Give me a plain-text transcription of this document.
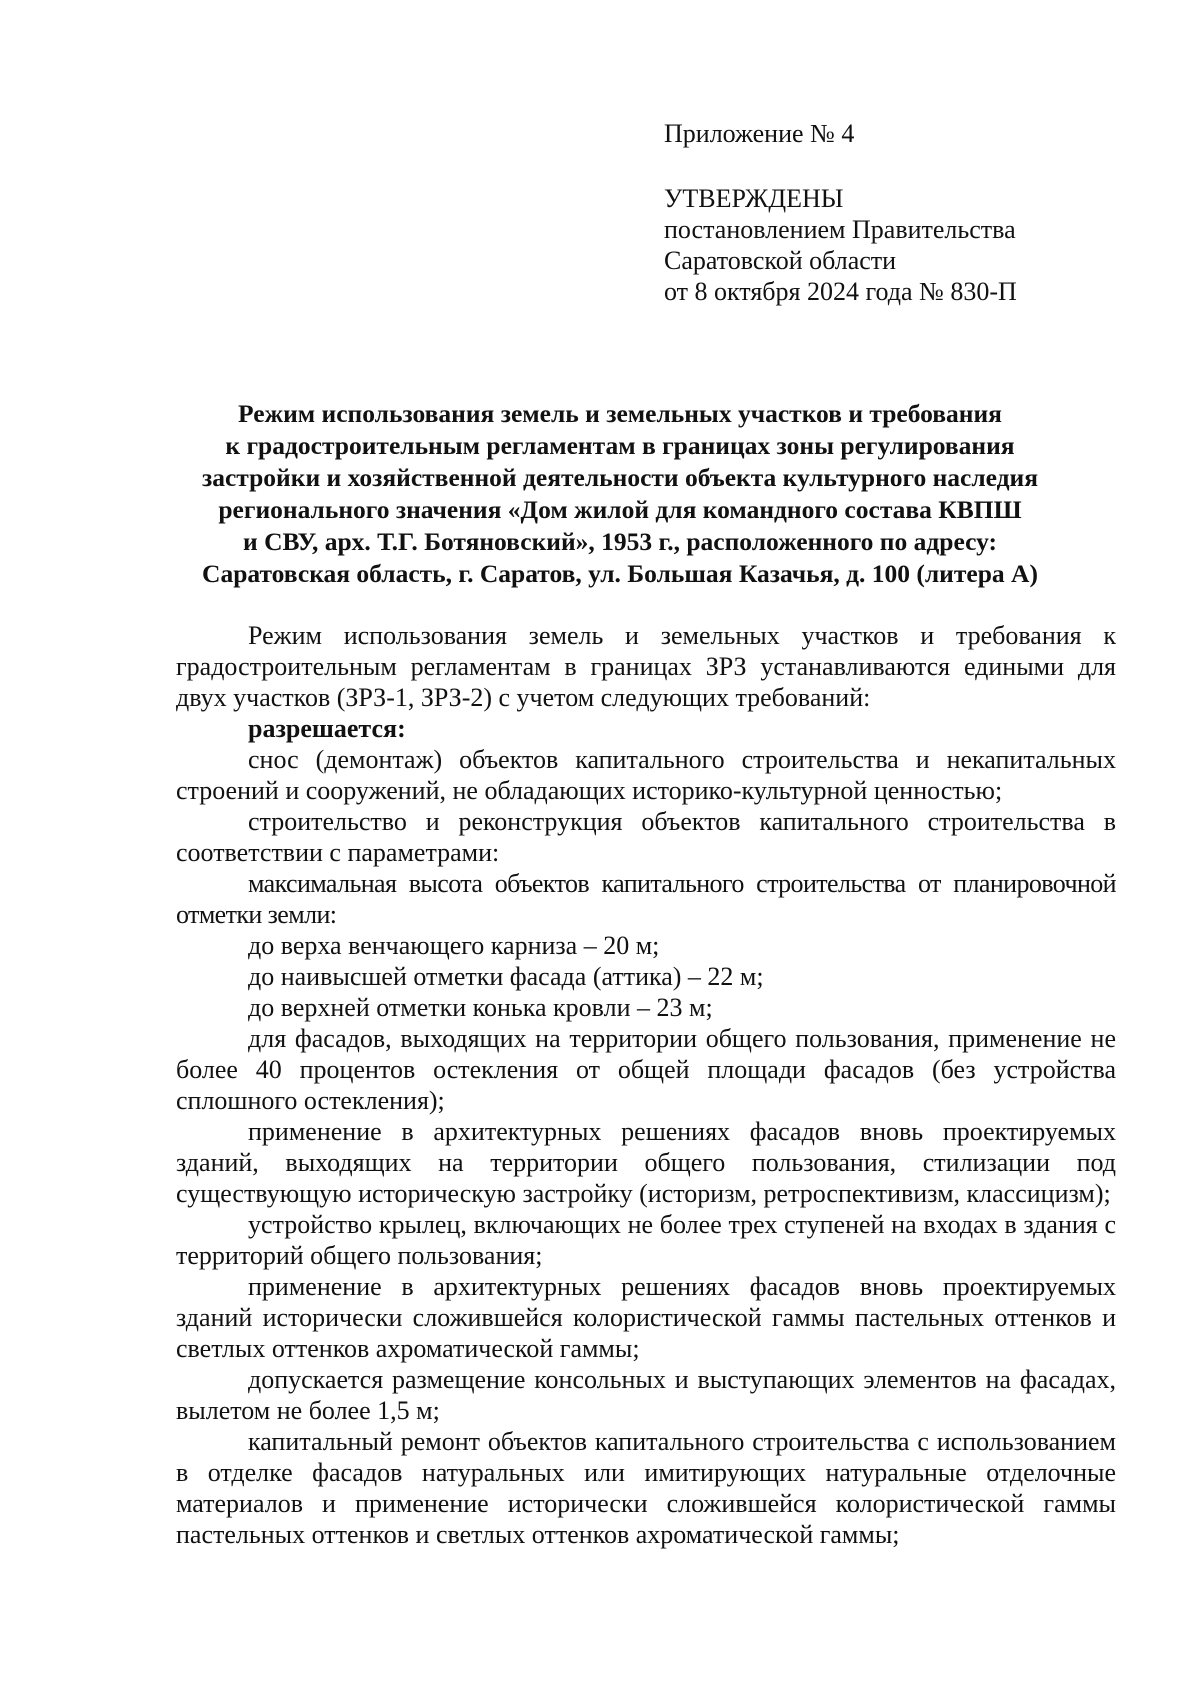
Приложение № 4
УТВЕРЖДЕНЫ
постановлением Правительства
Саратовской области
от 8 октября 2024 года № 830-П
Режим использования земель и земельных участков и требования
к градостроительным регламентам в границах зоны регулирования
застройки и хозяйственной деятельности объекта культурного наследия
регионального значения «Дом жилой для командного состава КВПШ
и СВУ, арх. Т.Г. Ботяновский», 1953 г., расположенного по адресу:
Саратовская область, г. Саратов, ул. Большая Казачья, д. 100 (литера А)

Режим использования земель и земельных участков и требования к градостроительным регламентам в границах ЗРЗ устанавливаются едиными для двух участков (ЗРЗ-1, ЗРЗ-2) с учетом следующих требований:

разрешается:

снос (демонтаж) объектов капитального строительства и некапитальных строений и сооружений, не обладающих историко-культурной ценностью;

строительство и реконструкция объектов капитального строительства в соответствии с параметрами:

максимальная высота объектов капитального строительства от планировочной отметки земли:

до верха венчающего карниза – 20 м;

до наивысшей отметки фасада (аттика) – 22 м;

до верхней отметки конька кровли – 23 м;

для фасадов, выходящих на территории общего пользования, применение не более 40 процентов остекления от общей площади фасадов (без устройства сплошного остекления);

применение в архитектурных решениях фасадов вновь проектируемых зданий, выходящих на территории общего пользования, стилизации под существующую историческую застройку (историзм, ретроспективизм, классицизм);

устройство крылец, включающих не более трех ступеней на входах в здания с территорий общего пользования;

применение в архитектурных решениях фасадов вновь проектируемых зданий исторически сложившейся колористической гаммы пастельных оттенков и светлых оттенков ахроматической гаммы;

допускается размещение консольных и выступающих элементов на фасадах, вылетом не более 1,5 м;

капитальный ремонт объектов капитального строительства с использованием в отделке фасадов натуральных или имитирующих натуральные отделочные материалов и применение исторически сложившейся колористической гаммы пастельных оттенков и светлых оттенков ахроматической гаммы;
